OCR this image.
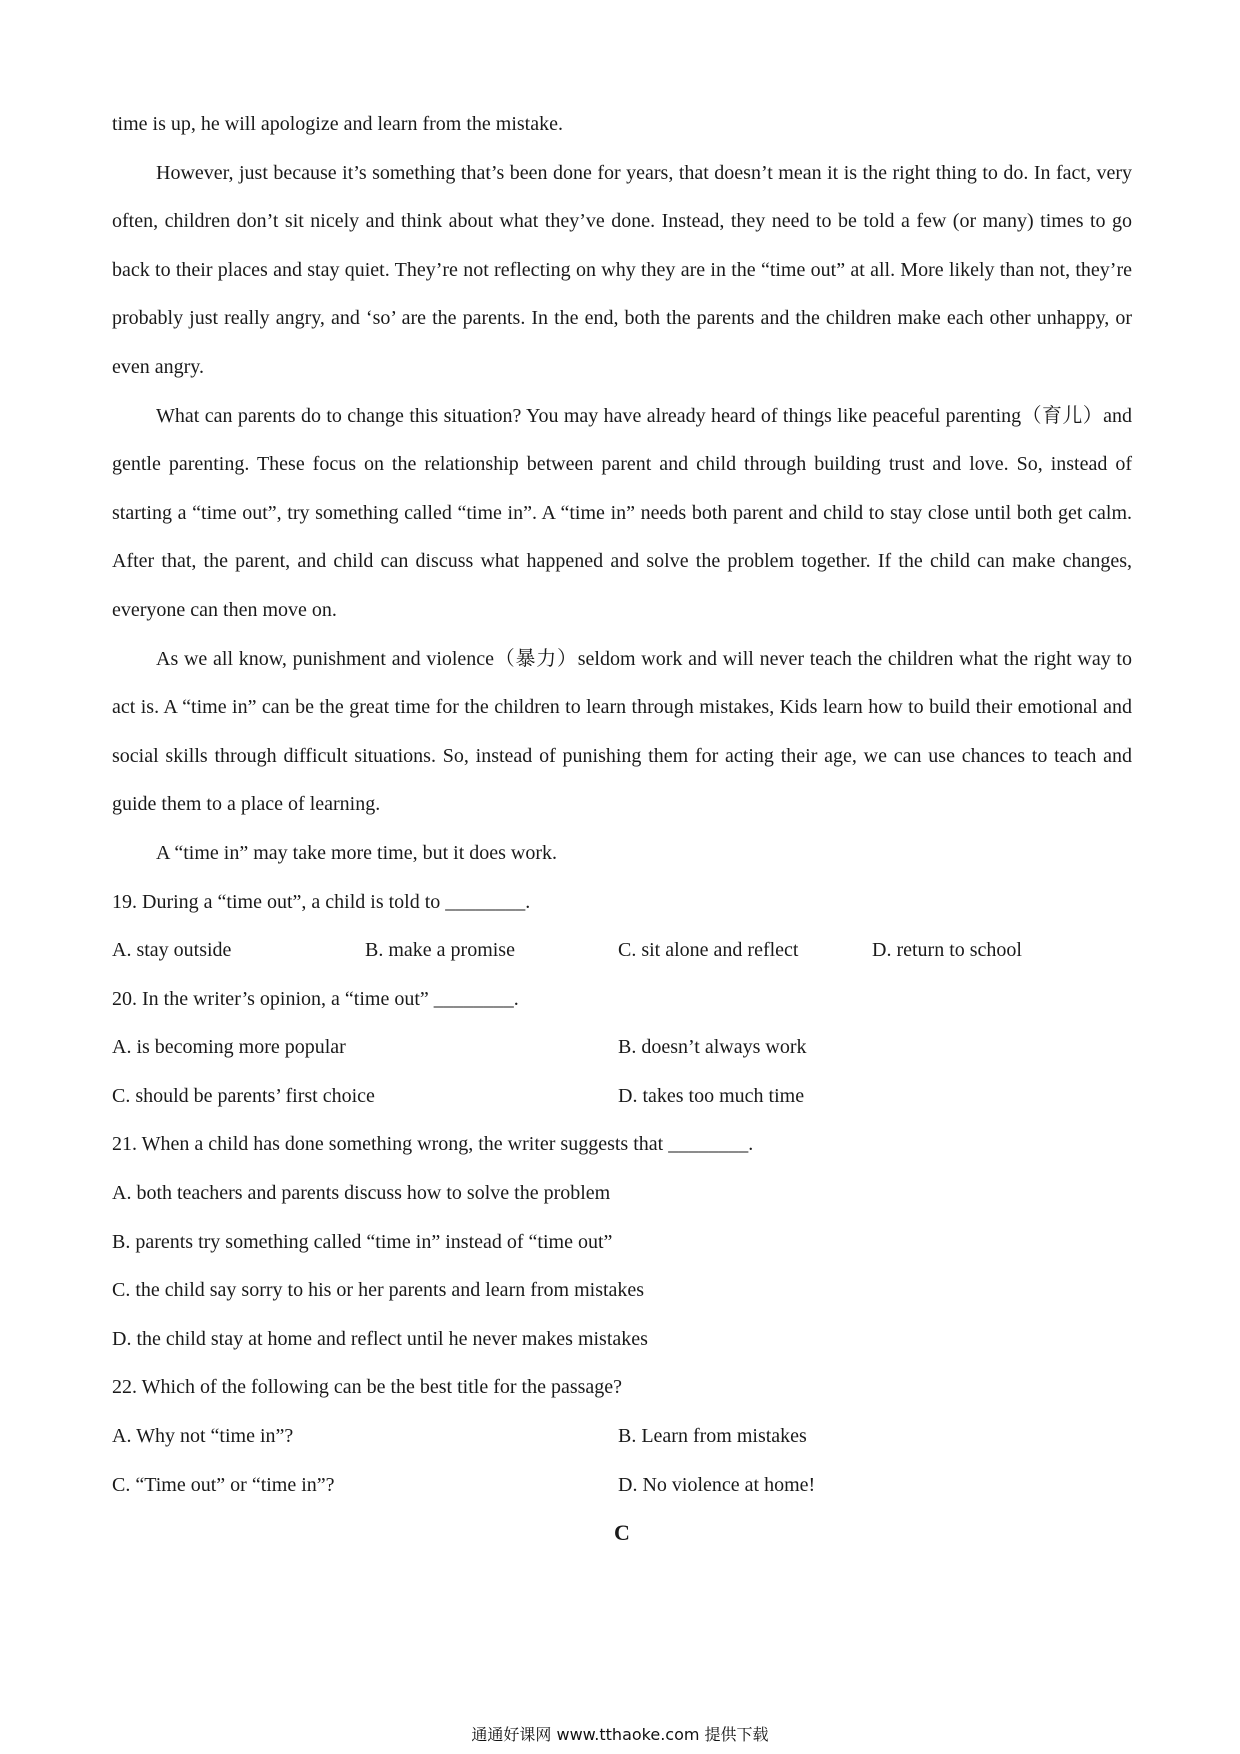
time is up, he will apologize and learn from the mistake.

However, just because it’s something that’s been done for years, that doesn’t mean it is the right thing to do. In fact, very often, children don’t sit nicely and think about what they’ve done. Instead, they need to be told a few (or many) times to go back to their places and stay quiet. They’re not reflecting on why they are in the “time out” at all. More likely than not, they’re probably just really angry, and ‘so’ are the parents. In the end, both the parents and the children make each other unhappy, or even angry.

What can parents do to change this situation? You may have already heard of things like peaceful parenting（育儿）and gentle parenting. These focus on the relationship between parent and child through building trust and love. So, instead of starting a “time out”, try something called “time in”. A “time in” needs both parent and child to stay close until both get calm. After that, the parent, and child can discuss what happened and solve the problem together. If the child can make changes, everyone can then move on.

As we all know, punishment and violence（暴力）seldom work and will never teach the children what the right way to act is. A “time in” can be the great time for the children to learn through mistakes, Kids learn how to build their emotional and social skills through difficult situations. So, instead of punishing them for acting their age, we can use chances to teach and guide them to a place of learning.

A “time in” may take more time, but it does work.

19. During a “time out”, a child is told to ________.
A. stay outside	B. make a promise	C. sit alone and reflect	D. return to school
20. In the writer’s opinion, a “time out” ________.
A. is becoming more popular	B. doesn’t always work
C. should be parents’ first choice	D. takes too much time
21. When a child has done something wrong, the writer suggests that ________.
A. both teachers and parents discuss how to solve the problem
B. parents try something called “time in” instead of “time out”
C. the child say sorry to his or her parents and learn from mistakes
D. the child stay at home and reflect until he never makes mistakes
22. Which of the following can be the best title for the passage?
A. Why not “time in”?	B. Learn from mistakes
C. “Time out” or “time in”?	D. No violence at home!
C
通通好课网 www.tthaoke.com 提供下载
